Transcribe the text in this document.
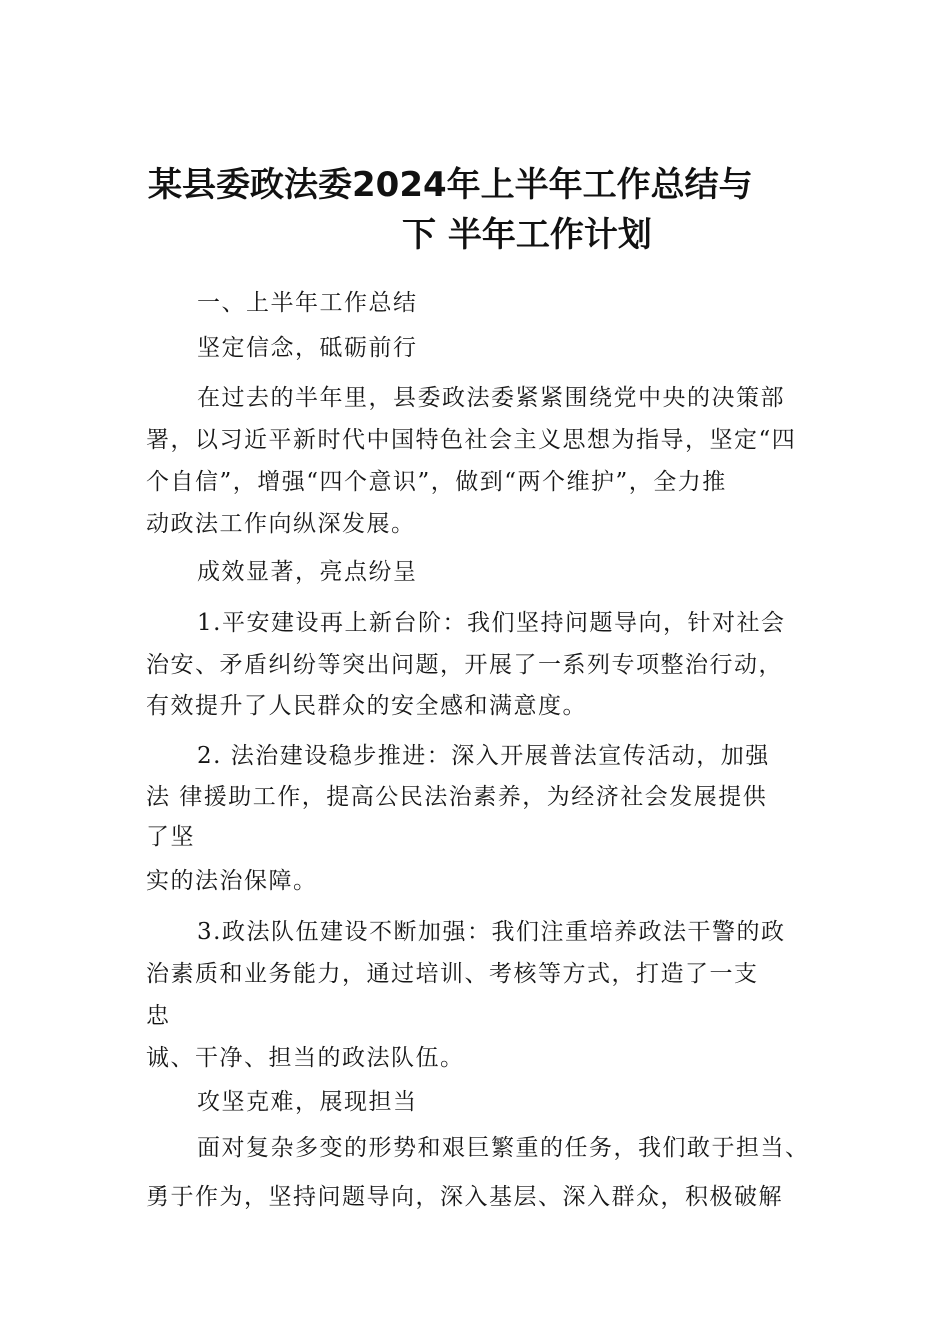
某县委政法委2024年上半年工作总结与
下 半年工作计划
一、上半年工作总结
坚定信念，砥砺前行
在过去的半年里，县委政法委紧紧围绕党中央的决策部
署，以习近平新时代中国特色社会主义思想为指导，坚定“四
个自信”，增强“四个意识”，做到“两个维护”，全力推
动政法工作向纵深发展。
成效显著，亮点纷呈
1.平安建设再上新台阶：我们坚持问题导向，针对社会
治安、矛盾纠纷等突出问题，开展了一系列专项整治行动，
有效提升了人民群众的安全感和满意度。
2. 法治建设稳步推进：深入开展普法宣传活动，加强
法 律援助工作，提高公民法治素养，为经济社会发展提供
了坚
实的法治保障。
3.政法队伍建设不断加强：我们注重培养政法干警的政
治素质和业务能力，通过培训、考核等方式，打造了一支
忠
诚、干净、担当的政法队伍。
攻坚克难，展现担当
面对复杂多变的形势和艰巨繁重的任务，我们敢于担当、
勇于作为，坚持问题导向，深入基层、深入群众，积极破解
